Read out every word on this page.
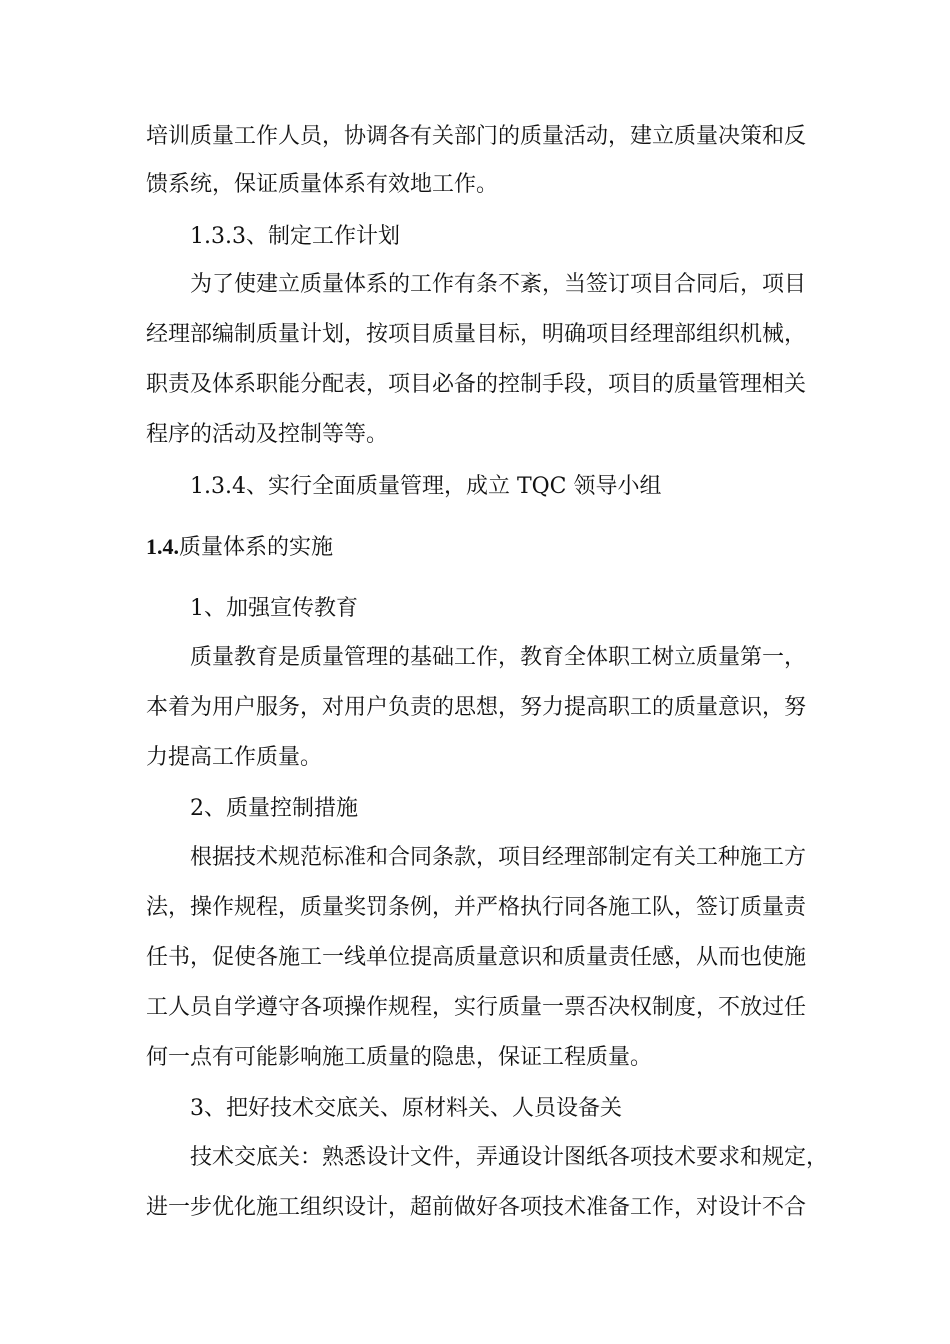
培训质量工作人员，协调各有关部门的质量活动，建立质量决策和反
馈系统，保证质量体系有效地工作。
1.3.3、制定工作计划
为了使建立质量体系的工作有条不紊，当签订项目合同后，项目
经理部编制质量计划，按项目质量目标，明确项目经理部组织机械，
职责及体系职能分配表，项目必备的控制手段，项目的质量管理相关
程序的活动及控制等等。
1.3.4、实行全面质量管理，成立 TQC 领导小组
1.4.质量体系的实施
1、加强宣传教育
质量教育是质量管理的基础工作，教育全体职工树立质量第一，
本着为用户服务，对用户负责的思想，努力提高职工的质量意识，努
力提高工作质量。
2、质量控制措施
根据技术规范标准和合同条款，项目经理部制定有关工种施工方
法，操作规程，质量奖罚条例，并严格执行同各施工队，签订质量责
任书，促使各施工一线单位提高质量意识和质量责任感，从而也使施
工人员自学遵守各项操作规程，实行质量一票否决权制度，不放过任
何一点有可能影响施工质量的隐患，保证工程质量。
3、把好技术交底关、原材料关、人员设备关
技术交底关：熟悉设计文件，弄通设计图纸各项技术要求和规定，
进一步优化施工组织设计，超前做好各项技术准备工作，对设计不合
